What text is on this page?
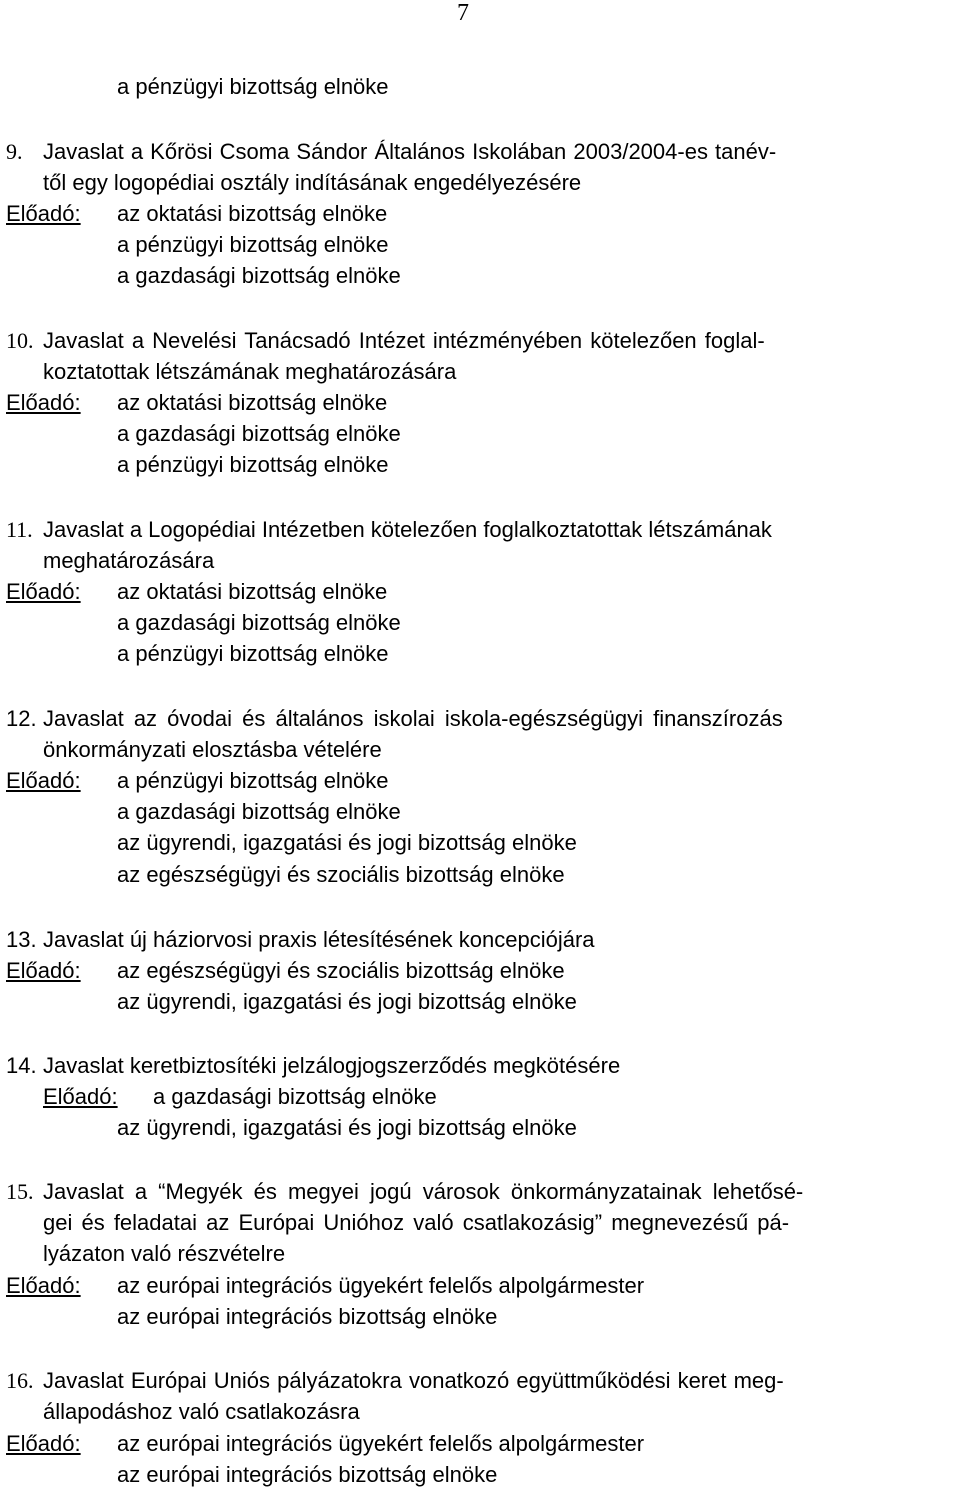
7
a pénzügyi bizottság elnöke
9. Javaslat a Kőrösi Csoma Sándor Általános Iskolában 2003/2004-es tanév-
től egy logopédiai osztály indításának engedélyezésére
Előadó: az oktatási bizottság elnöke
a pénzügyi bizottság elnöke
a gazdasági bizottság elnöke
10. Javaslat a Nevelési Tanácsadó Intézet intézményében kötelezően foglal-
koztatottak létszámának meghatározására
Előadó: az oktatási bizottság elnöke
a gazdasági bizottság elnöke
a pénzügyi bizottság elnöke
11. Javaslat a Logopédiai Intézetben kötelezően foglalkoztatottak létszámának
meghatározására
Előadó: az oktatási bizottság elnöke
a gazdasági bizottság elnöke
a pénzügyi bizottság elnöke
12. Javaslat az óvodai és általános iskolai iskola-egészségügyi finanszírozás
önkormányzati elosztásba vételére
Előadó: a pénzügyi bizottság elnöke
a gazdasági bizottság elnöke
az ügyrendi, igazgatási és jogi bizottság elnöke
az egészségügyi és szociális bizottság elnöke
13. Javaslat új háziorvosi praxis létesítésének koncepciójára
Előadó: az egészségügyi és szociális bizottság elnöke
az ügyrendi, igazgatási és jogi bizottság elnöke
14. Javaslat keretbiztosítéki jelzálogjogszerződés megkötésére
Előadó: a gazdasági bizottság elnöke
az ügyrendi, igazgatási és jogi bizottság elnöke
15. Javaslat a “Megyék és megyei jogú városok önkormányzatainak lehetősé-
gei és feladatai az Európai Unióhoz való csatlakozásig” megnevezésű pá-
lyázaton való részvételre
Előadó: az európai integrációs ügyekért felelős alpolgármester
az európai integrációs bizottság elnöke
16. Javaslat Európai Uniós pályázatokra vonatkozó együttműködési keret meg-
állapodáshoz való csatlakozásra
Előadó: az európai integrációs ügyekért felelős alpolgármester
az európai integrációs bizottság elnöke
